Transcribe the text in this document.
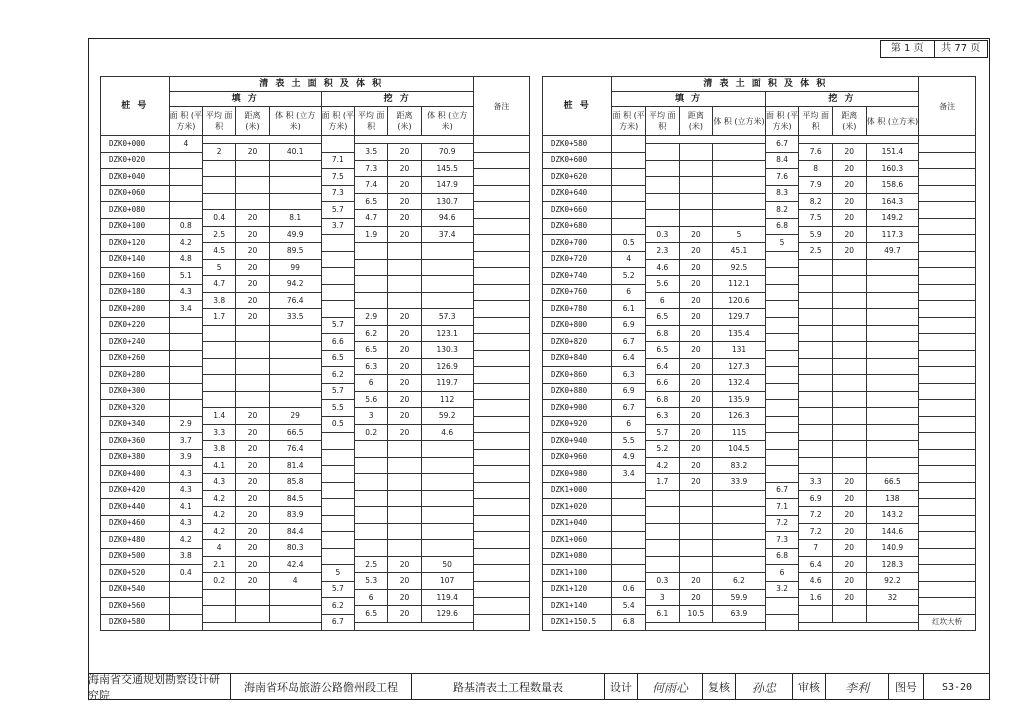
第 1 页	共 77 页
桩 号	清 表 土 面 积 及 体 积								备注
	填 方				挖 方				
	面 积 (平方米)	平均 面积	距离 (米)	体 积 (立方米)	面 积 (平方米)	平均 面积	距离 (米)	体 积 (立方米)	
DZK0+000	4								
		2	20	40.1		3.5	20	70.9	
DZK0+020					7.1				
						7.3	20	145.5	
DZK0+040					7.5				
						7.4	20	147.9	
DZK0+060					7.3				
						6.5	20	130.7	
DZK0+080					5.7				
		0.4	20	8.1		4.7	20	94.6	
DZK0+100	0.8				3.7				
		2.5	20	49.9		1.9	20	37.4	
DZK0+120	4.2								
		4.5	20	89.5					
DZK0+140	4.8								
		5	20	99					
DZK0+160	5.1								
		4.7	20	94.2					
DZK0+180	4.3								
		3.8	20	76.4					
DZK0+200	3.4								
		1.7	20	33.5		2.9	20	57.3	
DZK0+220					5.7				
						6.2	20	123.1	
DZK0+240					6.6				
						6.5	20	130.3	
DZK0+260					6.5				
						6.3	20	126.9	
DZK0+280					6.2				
						6	20	119.7	
DZK0+300					5.7				
						5.6	20	112	
DZK0+320					5.5				
		1.4	20	29		3	20	59.2	
DZK0+340	2.9				0.5				
		3.3	20	66.5		0.2	20	4.6	
DZK0+360	3.7								
		3.8	20	76.4					
DZK0+380	3.9								
		4.1	20	81.4					
DZK0+400	4.3								
		4.3	20	85.8					
DZK0+420	4.3								
		4.2	20	84.5					
DZK0+440	4.1								
		4.2	20	83.9					
DZK0+460	4.3								
		4.2	20	84.4					
DZK0+480	4.2								
		4	20	80.3					
DZK0+500	3.8								
		2.1	20	42.4		2.5	20	50	
DZK0+520	0.4				5				
		0.2	20	4		5.3	20	107	
DZK0+540					5.7				
						6	20	119.4	
DZK0+560					6.2				
						6.5	20	129.6	
DZK0+580					6.7				

桩 号	清 表 土 面 积 及 体 积								备注
	填 方				挖 方				
	面 积 (平方米)	平均 面积	距离 (米)	体 积 (立方米)	面 积 (平方米)	平均 面积	距离 (米)	体 积 (立方米)	
DZK0+580					6.7				
						7.6	20	151.4	
DZK0+600					8.4				
						8	20	160.3	
DZK0+620					7.6				
						7.9	20	158.6	
DZK0+640					8.3				
						8.2	20	164.3	
DZK0+660					8.2				
						7.5	20	149.2	
DZK0+680					6.8				
		0.3	20	5		5.9	20	117.3	
DZK0+700	0.5				5				
		2.3	20	45.1		2.5	20	49.7	
DZK0+720	4								
		4.6	20	92.5					
DZK0+740	5.2								
		5.6	20	112.1					
DZK0+760	6								
		6	20	120.6					
DZK0+780	6.1								
		6.5	20	129.7					
DZK0+800	6.9								
		6.8	20	135.4					
DZK0+820	6.7								
		6.5	20	131					
DZK0+840	6.4								
		6.4	20	127.3					
DZK0+860	6.3								
		6.6	20	132.4					
DZK0+880	6.9								
		6.8	20	135.9					
DZK0+900	6.7								
		6.3	20	126.3					
DZK0+920	6								
		5.7	20	115					
DZK0+940	5.5								
		5.2	20	104.5					
DZK0+960	4.9								
		4.2	20	83.2					
DZK0+980	3.4								
		1.7	20	33.9		3.3	20	66.5	
DZK1+000					6.7				
						6.9	20	138	
DZK1+020					7.1				
						7.2	20	143.2	
DZK1+040					7.2				
						7.2	20	144.6	
DZK1+060					7.3				
						7	20	140.9	
DZK1+080					6.8				
						6.4	20	128.3	
DZK1+100					6				
		0.3	20	6.2		4.6	20	92.2	
DZK1+120	0.6				3.2				
		3	20	59.9		1.6	20	32	
DZK1+140	5.4								
		6.1	10.5	63.9					
DZK1+150.5	6.8								红坎大桥

海南省交通规划勘察设计研究院
海南省环岛旅游公路儋州段工程	路基清表土工程数量表	设计	何雨心	复核	孙忠	审核	李利	图号	S3-20
